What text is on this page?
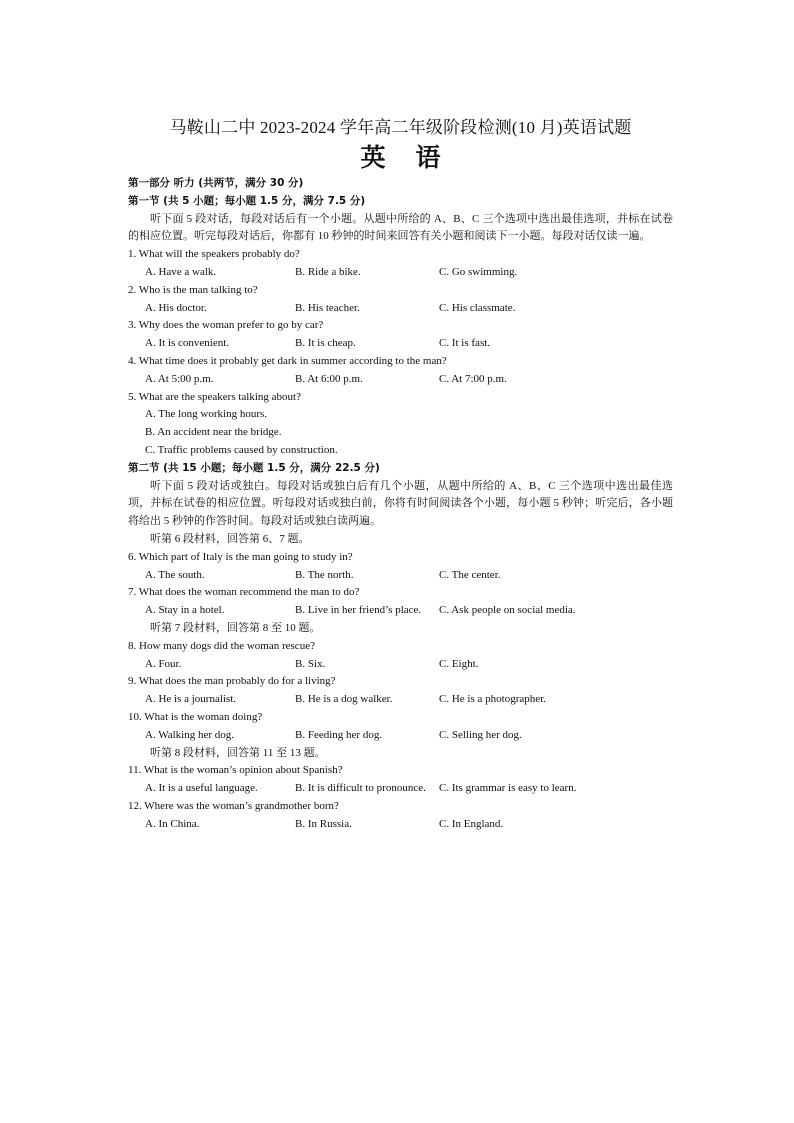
马鞍山二中 2023-2024 学年高二年级阶段检测(10 月)英语试题
英 语
第一部分 听力 (共两节，满分 30 分)
第一节 (共 5 小题；每小题 1.5 分，满分 7.5 分)
听下面 5 段对话，每段对话后有一个小题。从题中所给的 A、B、C 三个选项中选出最佳选项，并标在试卷的相应位置。听完每段对话后，你都有 10 秒钟的时间来回答有关小题和阅读下一小题。每段对话仅读一遍。
1. What will the speakers probably do?
A. Have a walk.	B. Ride a bike.	C. Go swimming.
2. Who is the man talking to?
A. His doctor.	B. His teacher.	C. His classmate.
3. Why does the woman prefer to go by car?
A. It is convenient.	B. It is cheap.	C. It is fast.
4. What time does it probably get dark in summer according to the man?
A. At 5:00 p.m.	B. At 6:00 p.m.	C. At 7:00 p.m.
5. What are the speakers talking about?
A. The long working hours.
B. An accident near the bridge.
C. Traffic problems caused by construction.
第二节 (共 15 小题；每小题 1.5 分，满分 22.5 分)
听下面 5 段对话或独白。每段对话或独白后有几个小题，从题中所给的 A、B、C 三个选项中选出最佳选项，并标在试卷的相应位置。听每段对话或独白前，你将有时间阅读各个小题，每小题 5 秒钟；听完后，各小题将给出 5 秒钟的作答时间。每段对话或独白读两遍。
听第 6 段材料，回答第 6、7 题。
6. Which part of Italy is the man going to study in?
A. The south.	B. The north.	C. The center.
7. What does the woman recommend the man to do?
A. Stay in a hotel.	B. Live in her friend’s place.	C. Ask people on social media.
听第 7 段材料，回答第 8 至 10 题。
8. How many dogs did the woman rescue?
A. Four.	B. Six.	C. Eight.
9. What does the man probably do for a living?
A. He is a journalist.	B. He is a dog walker.	C. He is a photographer.
10. What is the woman doing?
A. Walking her dog.	B. Feeding her dog.	C. Selling her dog.
听第 8 段材料，回答第 11 至 13 题。
11. What is the woman’s opinion about Spanish?
A. It is a useful language.	B. It is difficult to pronounce.	C. Its grammar is easy to learn.
12. Where was the woman’s grandmother born?
A. In China.	B. In Russia.	C. In England.
